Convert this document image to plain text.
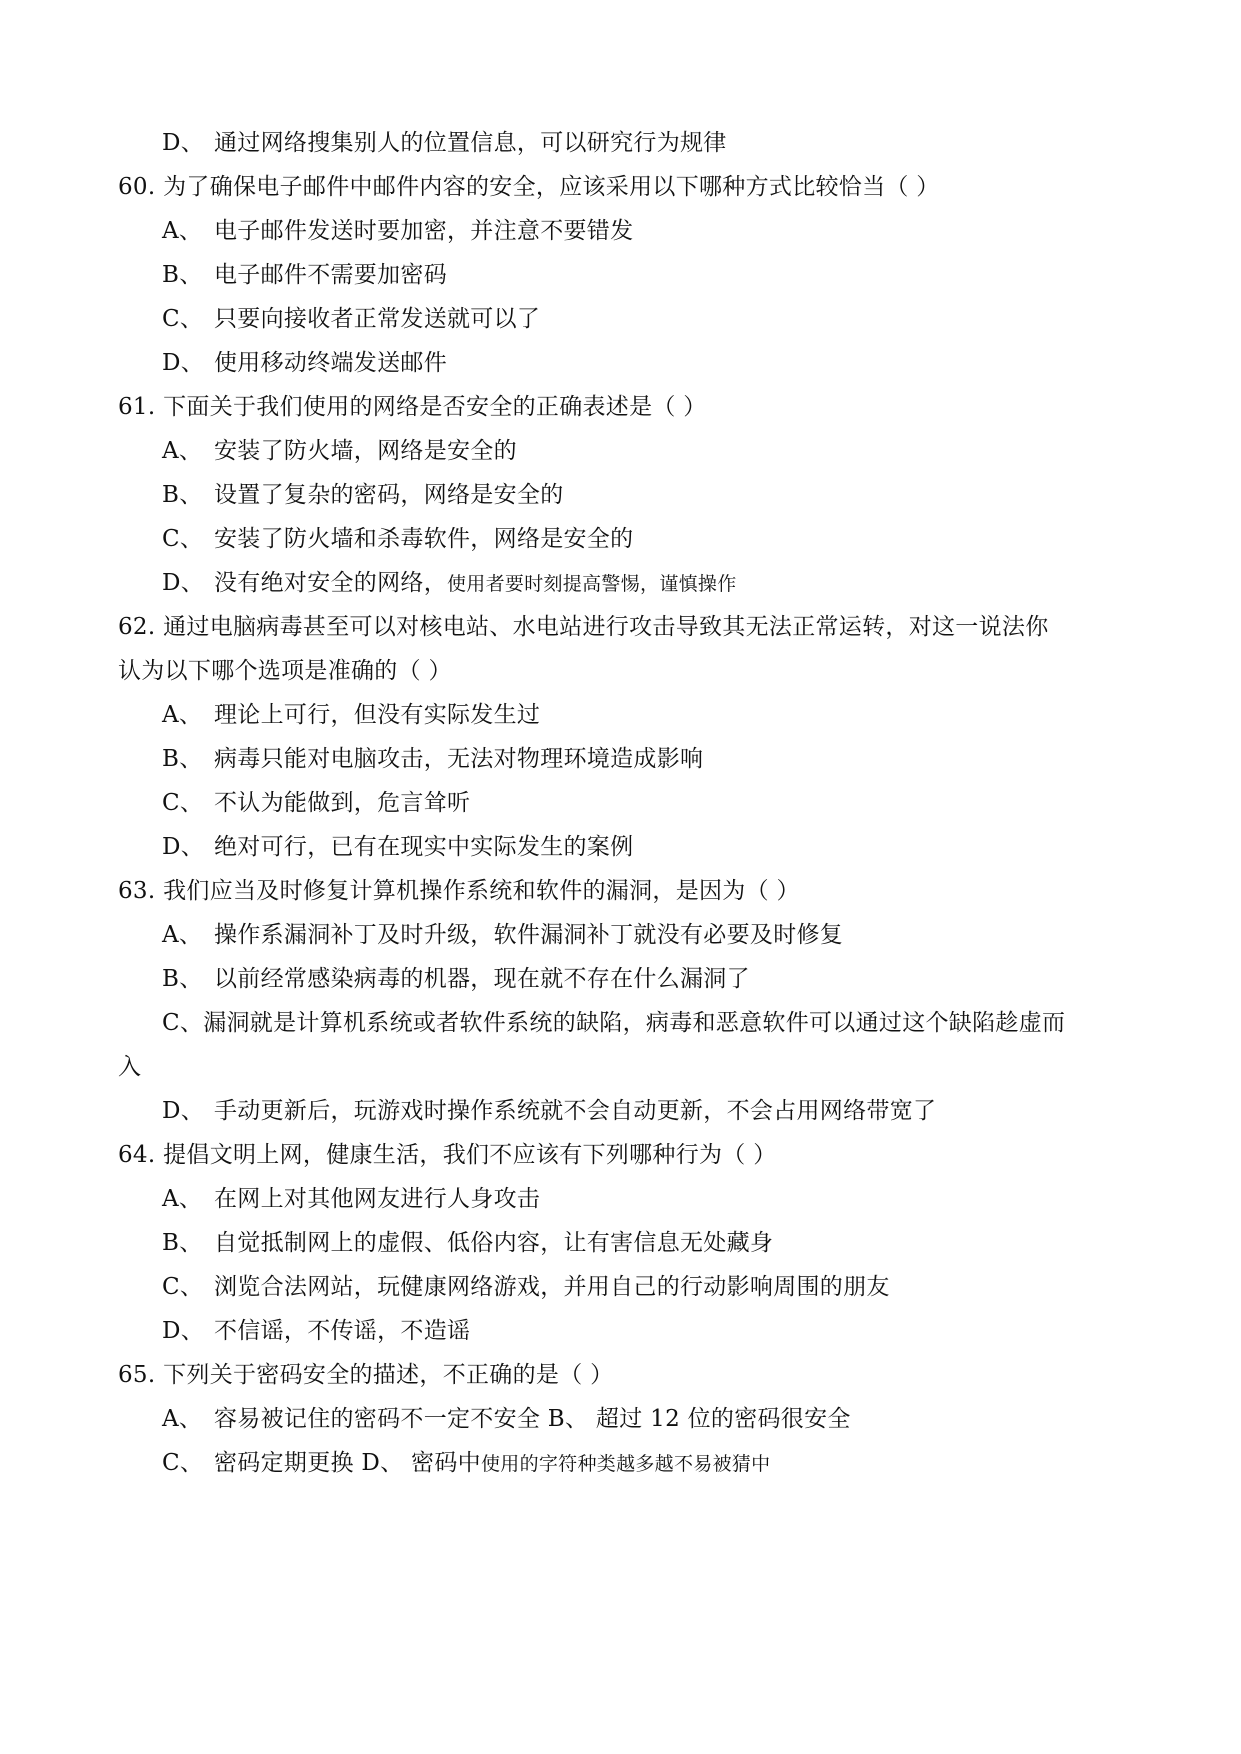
D、 通过网络搜集别人的位置信息，可以研究行为规律
60. 为了确保电子邮件中邮件内容的安全，应该采用以下哪种方式比较恰当（ ）
A、 电子邮件发送时要加密，并注意不要错发
B、 电子邮件不需要加密码
C、 只要向接收者正常发送就可以了
D、 使用移动终端发送邮件
61. 下面关于我们使用的网络是否安全的正确表述是（ ）
A、 安装了防火墙，网络是安全的
B、 设置了复杂的密码，网络是安全的
C、 安装了防火墙和杀毒软件，网络是安全的
D、 没有绝对安全的网络，使用者要时刻提高警惕，谨慎操作
62. 通过电脑病毒甚至可以对核电站、水电站进行攻击导致其无法正常运转，对这一说法你
认为以下哪个选项是准确的（ ）
A、 理论上可行，但没有实际发生过
B、 病毒只能对电脑攻击，无法对物理环境造成影响
C、 不认为能做到，危言耸听
D、 绝对可行，已有在现实中实际发生的案例
63. 我们应当及时修复计算机操作系统和软件的漏洞，是因为（ ）
A、 操作系漏洞补丁及时升级，软件漏洞补丁就没有必要及时修复
B、 以前经常感染病毒的机器，现在就不存在什么漏洞了
C、漏洞就是计算机系统或者软件系统的缺陷，病毒和恶意软件可以通过这个缺陷趁虚而
入
D、 手动更新后，玩游戏时操作系统就不会自动更新，不会占用网络带宽了
64. 提倡文明上网，健康生活，我们不应该有下列哪种行为（ ）
A、 在网上对其他网友进行人身攻击
B、 自觉抵制网上的虚假、低俗内容，让有害信息无处藏身
C、 浏览合法网站，玩健康网络游戏，并用自己的行动影响周围的朋友
D、 不信谣，不传谣，不造谣
65. 下列关于密码安全的描述，不正确的是（ ）
A、 容易被记住的密码不一定不安全 B、 超过 12 位的密码很安全
C、 密码定期更换 D、 密码中使用的字符种类越多越不易被猜中
